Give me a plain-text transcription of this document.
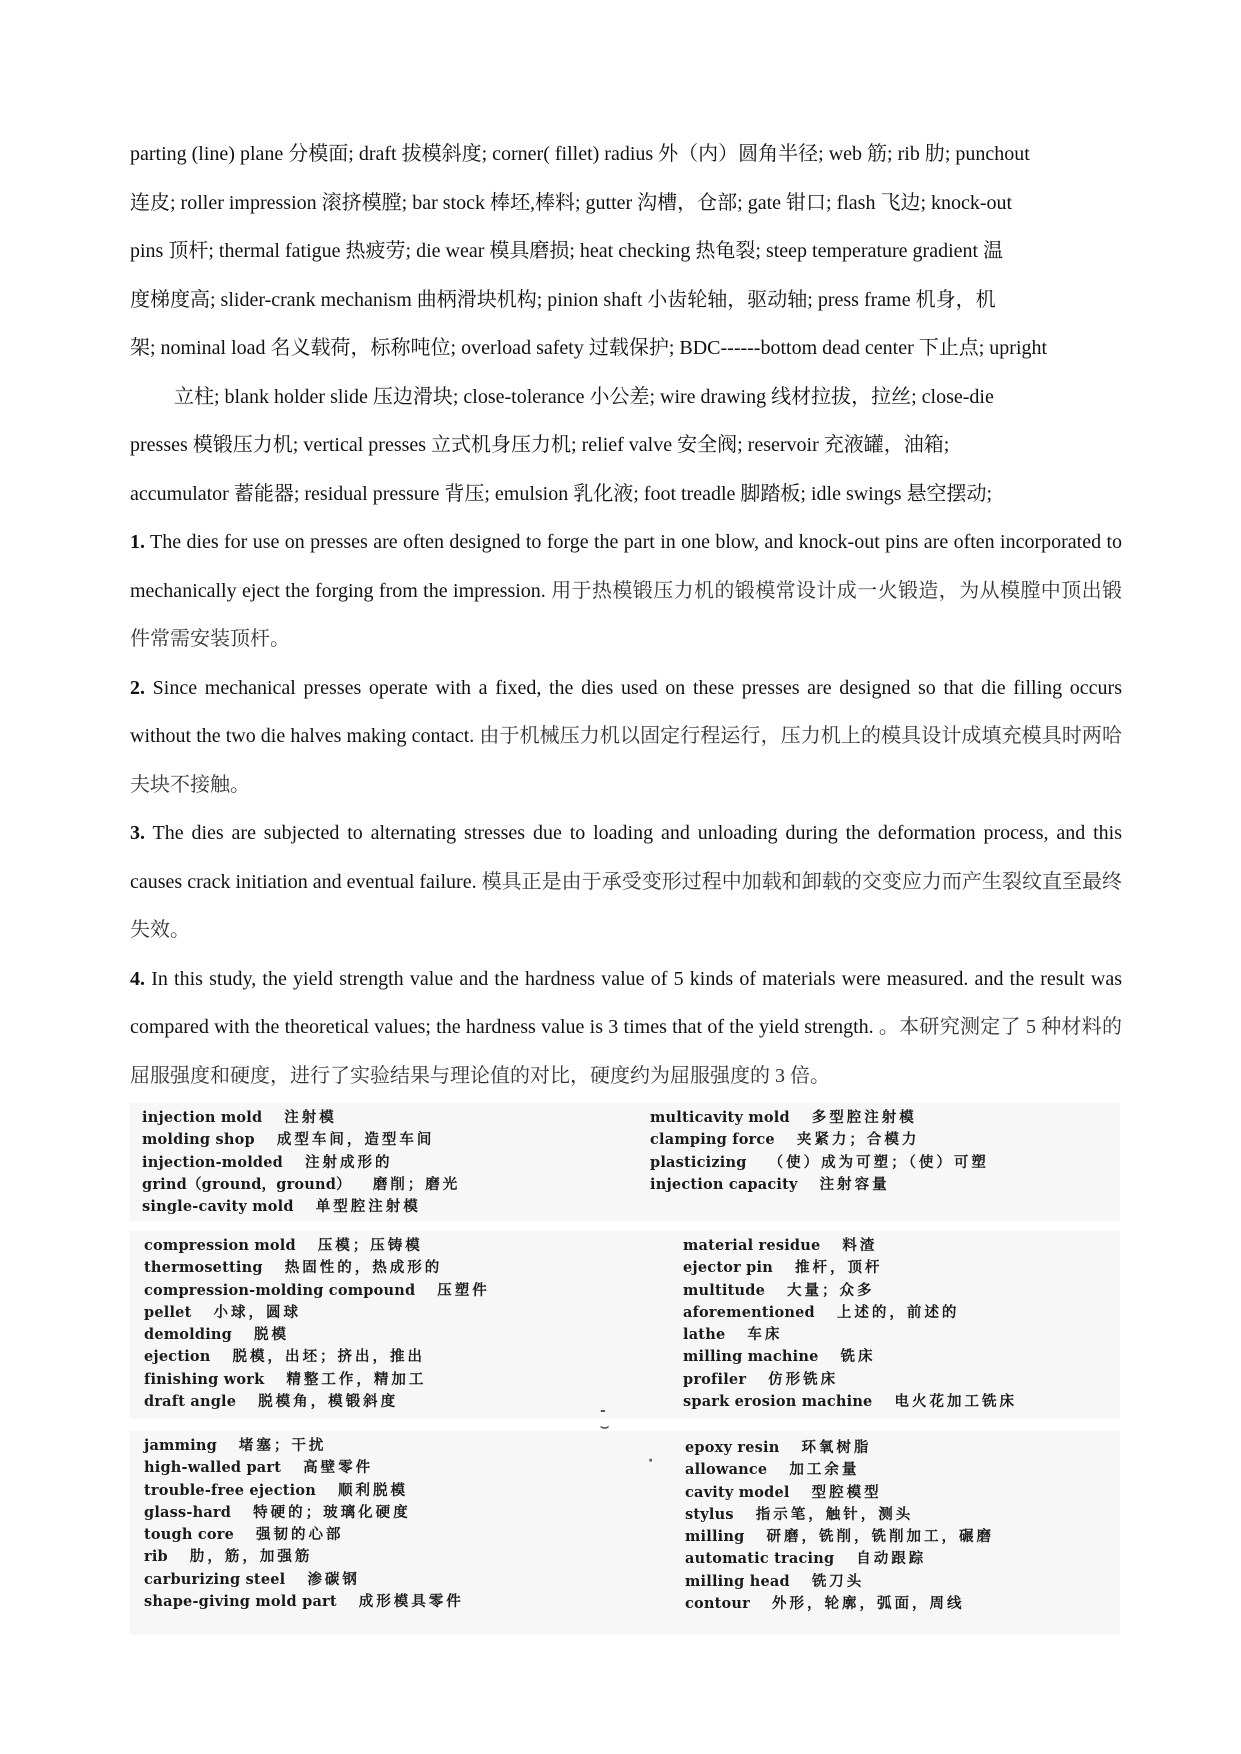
parting (line) plane 分模面; draft 拔模斜度; corner( fillet) radius 外（内）圆角半径; web 筋; rib 肋; punchout

连皮; roller impression 滚挤模膛; bar stock 棒坯,棒料; gutter 沟槽，仓部; gate 钳口; flash 飞边; knock-out

pins 顶杆; thermal fatigue 热疲劳; die wear 模具磨损; heat checking 热龟裂; steep temperature gradient 温

度梯度高; slider-crank mechanism 曲柄滑块机构; pinion shaft 小齿轮轴，驱动轴; press frame 机身，机

架; nominal load 名义载荷，标称吨位; overload safety 过载保护; BDC------bottom dead center 下止点; upright

立柱; blank holder slide 压边滑块; close-tolerance 小公差; wire drawing 线材拉拔，拉丝; close-die

presses 模锻压力机; vertical presses 立式机身压力机; relief valve 安全阀; reservoir 充液罐，油箱;

accumulator 蓄能器; residual pressure 背压; emulsion 乳化液; foot treadle 脚踏板; idle swings 悬空摆动;

1. The dies for use on presses are often designed to forge the part in one blow, and knock-out pins are often incorporated to mechanically eject the forging from the impression. 用于热模锻压力机的锻模常设计成一火锻造，为从模膛中顶出锻件常需安装顶杆。

2. Since mechanical presses operate with a fixed, the dies used on these presses are designed so that die filling occurs without the two die halves making contact. 由于机械压力机以固定行程运行，压力机上的模具设计成填充模具时两哈夫块不接触。

3. The dies are subjected to alternating stresses due to loading and unloading during the deformation process, and this causes crack initiation and eventual failure. 模具正是由于承受变形过程中加载和卸载的交变应力而产生裂纹直至最终失效。

4. In this study, the yield strength value and the hardness value of 5 kinds of materials were measured. and the result was compared with the theoretical values; the hardness value is 3 times that of the yield strength. 。本研究测定了 5 种材料的屈服强度和硬度，进行了实验结果与理论值的对比，硬度约为屈服强度的 3 倍。

injection mold 注射模
molding shop 成型车间，造型车间
injection-molded 注射成形的
grind（ground，ground） 磨削；磨光
single-cavity mold 单型腔注射模
multicavity mold 多型腔注射模
clamping force 夹紧力；合模力
plasticizing （使）成为可塑；（使）可塑
injection capacity 注射容量
compression mold 压模；压铸模
thermosetting 热固性的，热成形的
compression-molding compound 压塑件
pellet 小球，圆球
demolding 脱模
ejection 脱模，出坯；挤出，推出
finishing work 精整工作，精加工
draft angle 脱模角，模锻斜度
material residue 料渣
ejector pin 推杆，顶杆
multitude 大量；众多
aforementioned 上述的，前述的
lathe 车床
milling machine 铣床
profiler 仿形铣床
spark erosion machine 电火花加工铣床
jamming 堵塞；干扰
high-walled part 高壁零件
trouble-free ejection 顺利脱模
glass-hard 特硬的；玻璃化硬度
tough core 强韧的心部
rib 肋，筋，加强筋
carburizing steel 渗碳钢
shape-giving mold part 成形模具零件
epoxy resin 环氧树脂
allowance 加工余量
cavity model 型腔模型
stylus 指示笔，触针，测头
milling 研磨，铣削，铣削加工，碾磨
automatic tracing 自动跟踪
milling head 铣刀头
contour 外形，轮廓，弧面，周线
-
⌣
·
